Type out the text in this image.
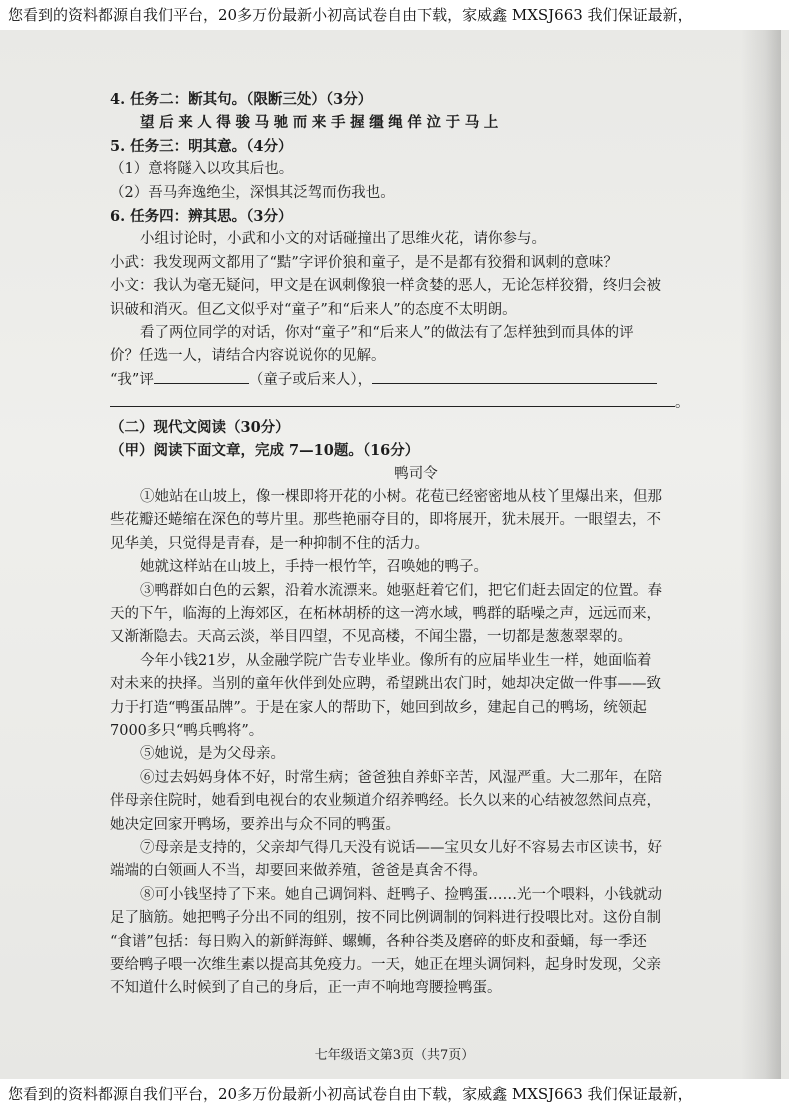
您看到的资料都源自我们平台，20多万份最新小初高试卷自由下载，家威鑫 MXSJ663 我们保证最新，
4. 任务二：断其句。（限断三处）（3分）
望后来人得骏马驰而来手握缰绳佯泣于马上
5. 任务三：明其意。（4分）
（1）意将隧入以攻其后也。
（2）吾马奔逸绝尘，深惧其泛驾而伤我也。
6. 任务四：辨其思。（3分）
小组讨论时，小武和小文的对话碰撞出了思维火花，请你参与。
小武：我发现两文都用了“黠”字评价狼和童子，是不是都有狡猾和讽刺的意味？
小文：我认为毫无疑问，甲文是在讽刺像狼一样贪婪的恶人，无论怎样狡猾，终归会被
识破和消灭。但乙文似乎对“童子”和“后来人”的态度不太明朗。
看了两位同学的对话，你对“童子”和“后来人”的做法有了怎样独到而具体的评
价？任选一人，请结合内容说说你的见解。
“我”评	（童子或后来人），
。
（二）现代文阅读（30分）
（甲）阅读下面文章，完成 7—10题。（16分）
鸭司令
①她站在山坡上，像一棵即将开花的小树。花苞已经密密地从枝丫里爆出来，但那
些花瓣还蜷缩在深色的萼片里。那些艳丽夺目的，即将展开，犹未展开。一眼望去，不
见华美，只觉得是青春，是一种抑制不住的活力。
她就这样站在山坡上，手持一根竹竿，召唤她的鸭子。
③鸭群如白色的云絮，沿着水流漂来。她驱赶着它们，把它们赶去固定的位置。春
天的下午，临海的上海郊区，在柘林胡桥的这一湾水域，鸭群的聒噪之声，远远而来，
又渐渐隐去。天高云淡，举目四望，不见高楼，不闻尘嚣，一切都是葱葱翠翠的。
今年小钱21岁，从金融学院广告专业毕业。像所有的应届毕业生一样，她面临着
对未来的抉择。当别的童年伙伴到处应聘，希望跳出农门时，她却决定做一件事——致
力于打造“鸭蛋品牌”。于是在家人的帮助下，她回到故乡，建起自己的鸭场，统领起
7000多只“鸭兵鸭将”。
⑤她说，是为父母亲。
⑥过去妈妈身体不好，时常生病；爸爸独自养虾辛苦，风湿严重。大二那年，在陪
伴母亲住院时，她看到电视台的农业频道介绍养鸭经。长久以来的心结被忽然间点亮，
她决定回家开鸭场，要养出与众不同的鸭蛋。
⑦母亲是支持的，父亲却气得几天没有说话——宝贝女儿好不容易去市区读书，好
端端的白领画人不当，却要回来做养殖，爸爸是真舍不得。
⑧可小钱坚持了下来。她自己调饲料、赶鸭子、捡鸭蛋……光一个喂料，小钱就动
足了脑筋。她把鸭子分出不同的组别，按不同比例调制的饲料进行投喂比对。这份自制
“食谱”包括：每日购入的新鲜海鲜、螺蛳，各种谷类及磨碎的虾皮和蚕蛹，每一季还
要给鸭子喂一次维生素以提高其免疫力。一天，她正在埋头调饲料，起身时发现，父亲
不知道什么时候到了自己的身后，正一声不响地弯腰捡鸭蛋。
七年级语文第3页（共7页）
您看到的资料都源自我们平台，20多万份最新小初高试卷自由下载，家威鑫 MXSJ663 我们保证最新，
